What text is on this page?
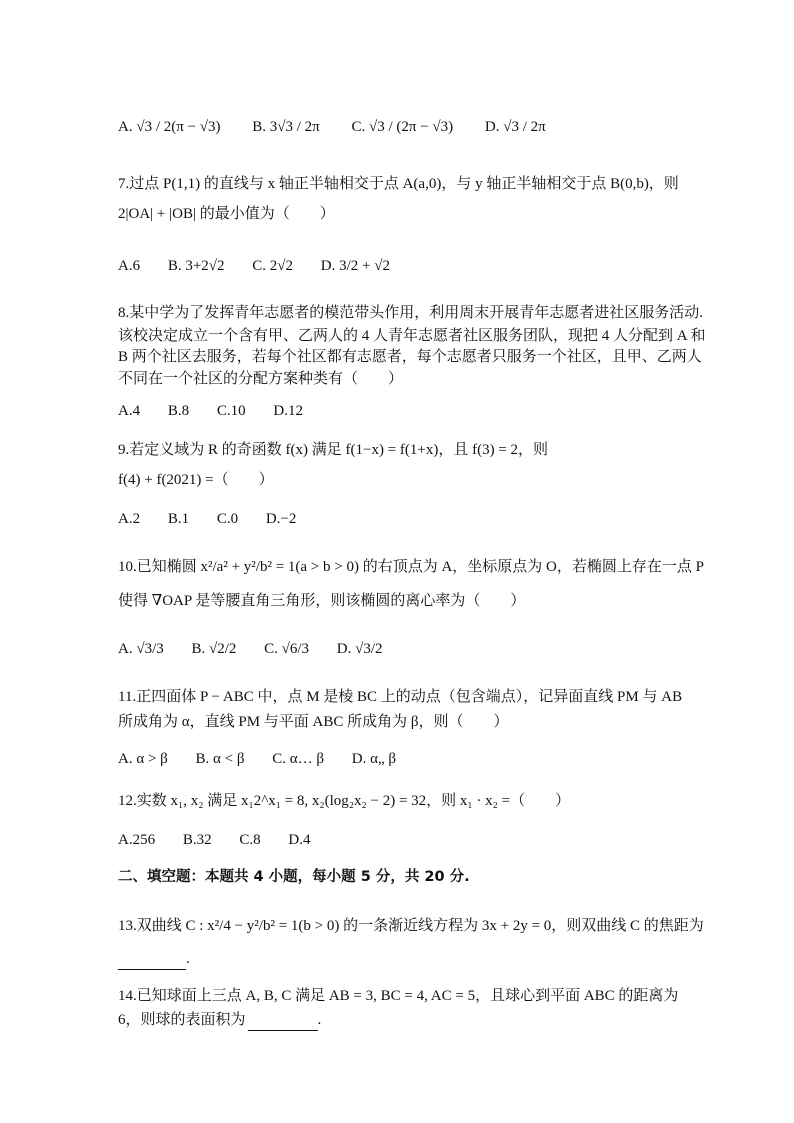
A. √3 / 2(π − √3) B. 3√3 / 2π C. √3 / (2π − √3) D. √3 / 2π
7.过点 P(1,1) 的直线与 x 轴正半轴相交于点 A(a,0)，与 y 轴正半轴相交于点 B(0,b)，则
2|OA| + |OB| 的最小值为（　　）
A.6 B. 3+2√2 C. 2√2 D. 3/2 + √2
8.某中学为了发挥青年志愿者的模范带头作用，利用周末开展青年志愿者进社区服务活动.
该校决定成立一个含有甲、乙两人的 4 人青年志愿者社区服务团队，现把 4 人分配到 A 和
B 两个社区去服务，若每个社区都有志愿者，每个志愿者只服务一个社区，且甲、乙两人
不同在一个社区的分配方案种类有（　　）
A.4 B.8 C.10 D.12
9.若定义域为 R 的奇函数 f(x) 满足 f(1−x) = f(1+x)，且 f(3) = 2，则
f(4) + f(2021) =（　　）
A.2 B.1 C.0 D.−2
10.已知椭圆 x²/a² + y²/b² = 1(a > b > 0) 的右顶点为 A，坐标原点为 O，若椭圆上存在一点 P
使得 ∇OAP 是等腰直角三角形，则该椭圆的离心率为（　　）
A. √3/3 B. √2/2 C. √6/3 D. √3/2
11.正四面体 P − ABC 中，点 M 是棱 BC 上的动点（包含端点），记异面直线 PM 与 AB
所成角为 α，直线 PM 与平面 ABC 所成角为 β，则（　　）
A. α > β B. α < β C. α… β D. α„ β
12.实数 x₁, x₂ 满足 x₁2^x₁ = 8, x₂(log₂x₂ − 2) = 32，则 x₁ · x₂ =（　　）
A.256 B.32 C.8 D.4
二、填空题：本题共 4 小题，每小题 5 分，共 20 分.
13.双曲线 C : x²/4 − y²/b² = 1(b > 0) 的一条渐近线方程为 3x + 2y = 0，则双曲线 C 的焦距为
.
14.已知球面上三点 A, B, C 满足 AB = 3, BC = 4, AC = 5，且球心到平面 ABC 的距离为
6，则球的表面积为	.
